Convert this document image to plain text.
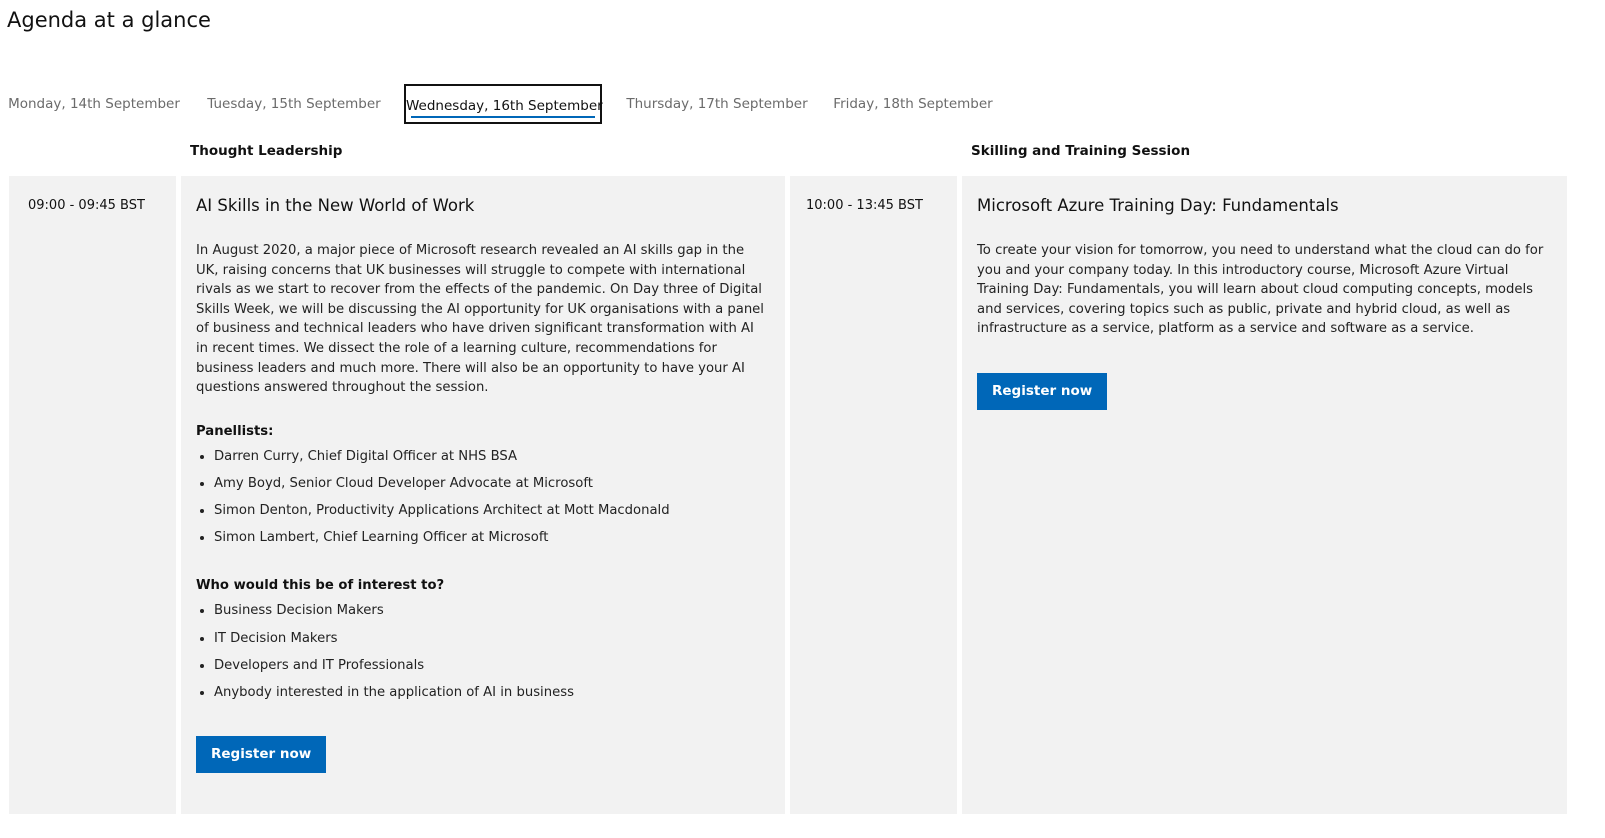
Agenda at a glance
Monday, 14th September	Tuesday, 15th September Wednesday, 16th September Thursday, 17th September Friday, 18th September
Thought Leadership	Skilling and Training Session
09:00 - 09:45 BST	AI Skills in the New World of Work

In August 2020, a major piece of Microsoft research revealed an AI skills gap in the UK, raising concerns that UK businesses will struggle to compete with international rivals as we start to recover from the effects of the pandemic. On Day three of Digital Skills Week, we will be discussing the AI opportunity for UK organisations with a panel of business and technical leaders who have driven significant transformation with AI in recent times. We dissect the role of a learning culture, recommendations for business leaders and much more. There will also be an opportunity to have your AI questions answered throughout the session.

Panellists:
• Darren Curry, Chief Digital Officer at NHS BSA
• Amy Boyd, Senior Cloud Developer Advocate at Microsoft
• Simon Denton, Productivity Applications Architect at Mott Macdonald
• Simon Lambert, Chief Learning Officer at Microsoft
Who would this be of interest to?
• Business Decision Makers
• IT Decision Makers
• Developers and IT Professionals
• Anybody interested in the application of AI in business
Register now
10:00 - 13:45 BST	Microsoft Azure Training Day: Fundamentals

To create your vision for tomorrow, you need to understand what the cloud can do for you and your company today. In this introductory course, Microsoft Azure Virtual Training Day: Fundamentals, you will learn about cloud computing concepts, models and services, covering topics such as public, private and hybrid cloud, as well as infrastructure as a service, platform as a service and software as a service.

Register now
